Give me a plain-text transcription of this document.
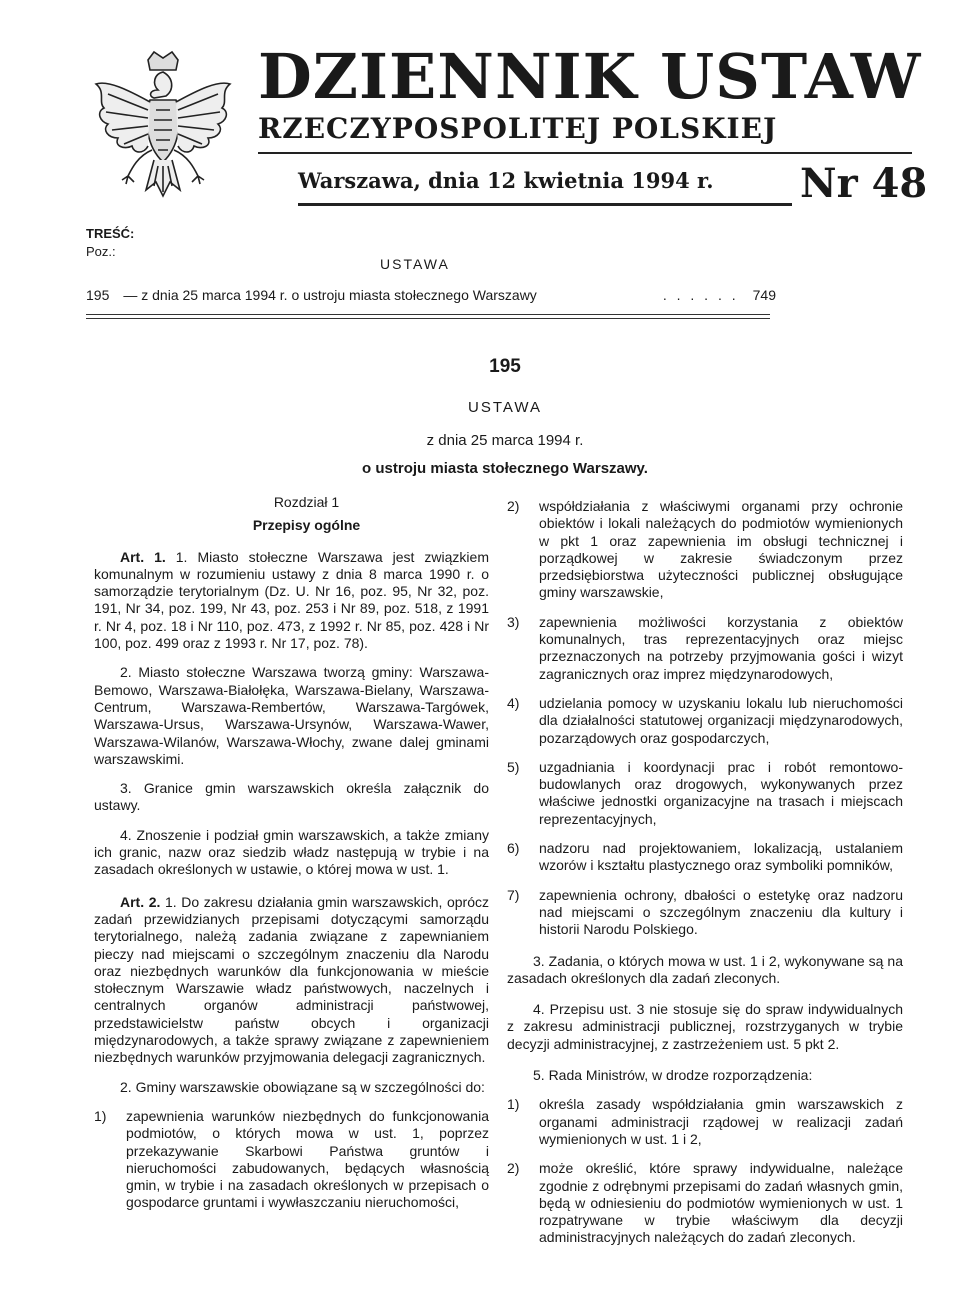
DZIENNIK USTAW
RZECZYPOSPOLITEJ POLSKIEJ
Warszawa, dnia 12 kwietnia 1994 r. Nr 48
TREŚĆ:
Poz.:
USTAWA
195	— z dnia 25 marca 1994 r. o ustroju miasta stołecznego Warszawy	. . . . . .	749
195
USTAWA
z dnia 25 marca 1994 r.
o ustroju miasta stołecznego Warszawy.

Rozdział 1

Przepisy ogólne

Art. 1. 1. Miasto stołeczne Warszawa jest związkiem komunalnym w rozumieniu ustawy z dnia 8 marca 1990 r. o samorządzie terytorialnym (Dz. U. Nr 16, poz. 95, Nr 32, poz. 191, Nr 34, poz. 199, Nr 43, poz. 253 i Nr 89, poz. 518, z 1991 r. Nr 4, poz. 18 i Nr 110, poz. 473, z 1992 r. Nr 85, poz. 428 i Nr 100, poz. 499 oraz z 1993 r. Nr 17, poz. 78).

2. Miasto stołeczne Warszawa tworzą gminy: Warszawa-Bemowo, Warszawa-Białołęka, Warszawa-Bielany, Warszawa-Centrum, Warszawa-Rembertów, Warszawa-Targówek, Warszawa-Ursus, Warszawa-Ursynów, Warszawa-Wawer, Warszawa-Wilanów, Warszawa-Włochy, zwane dalej gminami warszawskimi.

3. Granice gmin warszawskich określa załącznik do ustawy.

4. Znoszenie i podział gmin warszawskich, a także zmiany ich granic, nazw oraz siedzib władz następują w trybie i na zasadach określonych w ustawie, o której mowa w ust. 1.

Art. 2. 1. Do zakresu działania gmin warszawskich, oprócz zadań przewidzianych przepisami dotyczącymi samorządu terytorialnego, należą zadania związane z zapewnianiem pieczy nad miejscami o szczególnym znaczeniu dla Narodu oraz niezbędnych warunków dla funkcjonowania w mieście stołecznym Warszawie władz państwowych, naczelnych i centralnych organów administracji państwowej, przedstawicielstw państw obcych i organizacji międzynarodowych, a także sprawy związane z zapewnieniem niezbędnych warunków przyjmowania delegacji zagranicznych.

2. Gminy warszawskie obowiązane są w szczególności do:

1)	zapewnienia warunków niezbędnych do funkcjonowania podmiotów, o których mowa w ust. 1, poprzez przekazywanie Skarbowi Państwa gruntów i nieruchomości zabudowanych, będących własnością gmin, w trybie i na zasadach określonych w przepisach o gospodarce gruntami i wywłaszczaniu nieruchomości,
2)	współdziałania z właściwymi organami przy ochronie obiektów i lokali należących do podmiotów wymienionych w pkt 1 oraz zapewnienia im obsługi technicznej i porządkowej w zakresie świadczonym przez przedsiębiorstwa użyteczności publicznej obsługujące gminy warszawskie,
3)	zapewnienia możliwości korzystania z obiektów komunalnych, tras reprezentacyjnych oraz miejsc przeznaczonych na potrzeby przyjmowania gości i wizyt zagranicznych oraz imprez międzynarodowych,
4)	udzielania pomocy w uzyskaniu lokalu lub nieruchomości dla działalności statutowej organizacji międzynarodowych, pozarządowych oraz gospodarczych,
5)	uzgadniania i koordynacji prac i robót remontowo-budowlanych oraz drogowych, wykonywanych przez właściwe jednostki organizacyjne na trasach i miejscach reprezentacyjnych,
6)	nadzoru nad projektowaniem, lokalizacją, ustalaniem wzorów i kształtu plastycznego oraz symboliki pomników,
7)	zapewnienia ochrony, dbałości o estetykę oraz nadzoru nad miejscami o szczególnym znaczeniu dla kultury i historii Narodu Polskiego.

3. Zadania, o których mowa w ust. 1 i 2, wykonywane są na zasadach określonych dla zadań zleconych.

4. Przepisu ust. 3 nie stosuje się do spraw indywidualnych z zakresu administracji publicznej, rozstrzyganych w trybie decyzji administracyjnej, z zastrzeżeniem ust. 5 pkt 2.

5. Rada Ministrów, w drodze rozporządzenia:

1)	określa zasady współdziałania gmin warszawskich z organami administracji rządowej w realizacji zadań wymienionych w ust. 1 i 2,
2)	może określić, które sprawy indywidualne, należące zgodnie z odrębnymi przepisami do zadań własnych gmin, będą w odniesieniu do podmiotów wymienionych w ust. 1 rozpatrywane w trybie właściwym dla decyzji administracyjnych należących do zadań zleconych.
